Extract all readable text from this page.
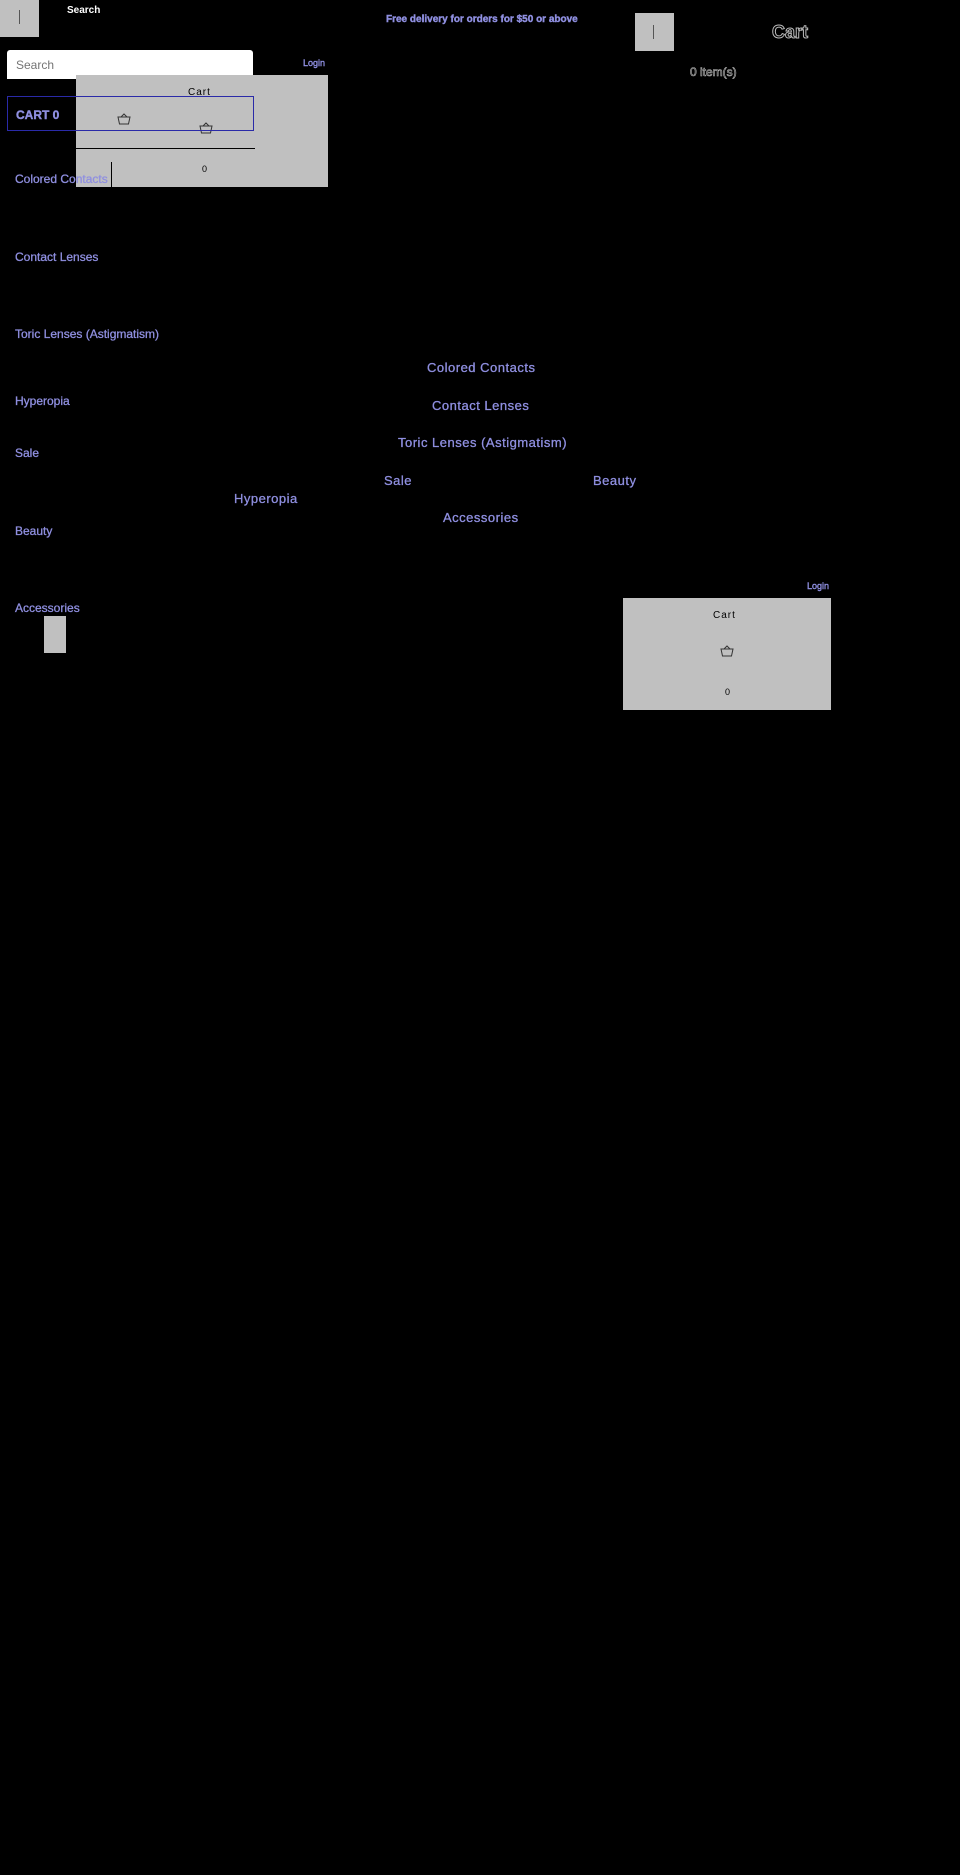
Search
Free delivery for orders for $50 or above
Cart
0 item(s)
Search
Login
Cart
0
CART 0
Colored Contacts
Contact Lenses
Toric Lenses (Astigmatism)
Hyperopia
Sale
Beauty
Accessories
Colored Contacts
Contact Lenses
Toric Lenses (Astigmatism)
Sale	Beauty
Hyperopia
Accessories
Login
Cart
0
